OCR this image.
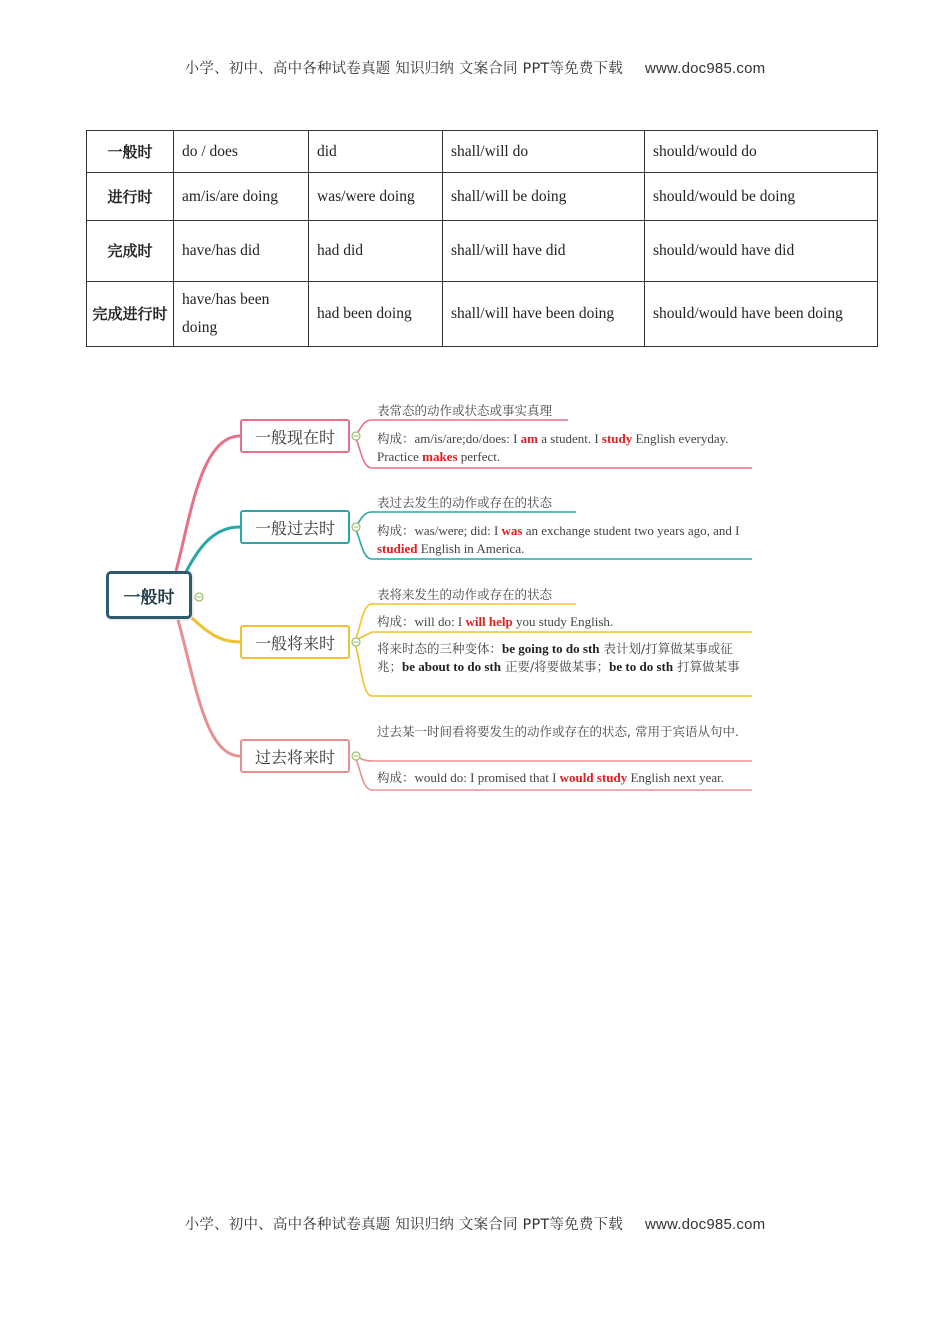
小学、初中、高中各种试卷真题 知识归纳 文案合同 PPT等免费下载 www.doc985.com
一般时	do / does	did	shall/will do	should/would do
进行时	am/is/are doing	was/were doing	shall/will be doing	should/would be doing
完成时	have/has did	had did	shall/will have did	should/would have did
完成进行时	have/has been doing	had been doing	shall/will have been doing	should/would have been doing
一般时
一般现在时
一般过去时
一般将来时
过去将来时
表常态的动作或状态或事实真理
构成：am/is/are;do/does: I am a student. I study English everyday. Practice makes perfect.
表过去发生的动作或存在的状态
构成：was/were; did: I was an exchange student two years ago, and I studied English in America.
表将来发生的动作或存在的状态
构成：will do: I will help you study English.
将来时态的三种变体：be going to do sth 表计划/打算做某事或征兆；be about to do sth 正要/将要做某事；be to do sth 打算做某事
过去某一时间看将要发生的动作或存在的状态, 常用于宾语从句中.
构成：would do: I promised that I would study English next year.
小学、初中、高中各种试卷真题 知识归纳 文案合同 PPT等免费下载 www.doc985.com
